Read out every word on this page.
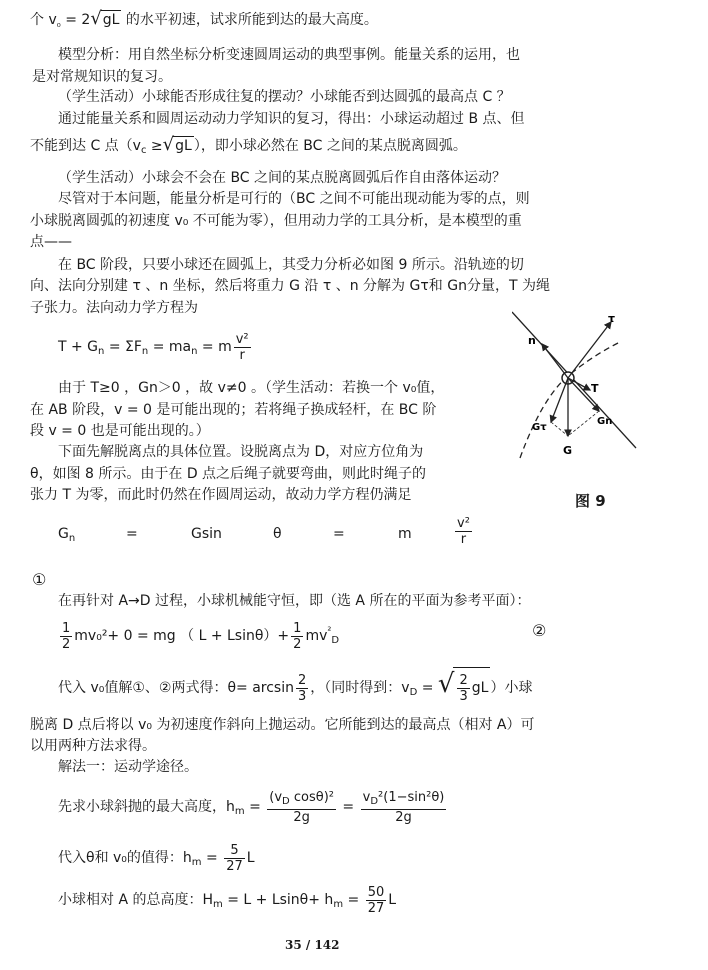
个 $v_{_0} = 2√gL$ 的水平初速，试求所能到达的最大高度。
模型分析：用自然坐标分析变速圆周运动的典型事例。能量关系的运用，也
是对常规知识的复习。
（学生活动）小球能否形成往复的摆动？小球能否到达圆弧的最高点 C ？
通过能量关系和圆周运动动力学知识的复习，得出：小球运动超过 B 点、但
不能到达 C 点（$v_c \ge√gL$ ），即小球必然在 BC 之间的某点脱离圆弧。
（学生活动）小球会不会在 BC 之间的某点脱离圆弧后作自由落体运动？
尽管对于本问题，能量分析是可行的（BC 之间不可能出现动能为零的点，则
小球脱离圆弧的初速度 v₀ 不可能为零），但用动力学的工具分析，是本模型的重
点——
在 BC 阶段，只要小球还在圆弧上，其受力分析必如图 9 所示。沿轨迹的切
向、法向分别建 τ 、n 坐标，然后将重力 G 沿 τ 、n 分解为 Gτ和 Gn分量，T 为绳
子张力。法向动力学方程为
$T + G_n = \Sigma F_n = ma_n = m \frac{\text{v²}}{r}$
由于 T≥0 ，Gn＞0 ，故 v≠0 。（学生活动：若换一个 v₀值，
在 AB 阶段，v = 0 是可能出现的；若将绳子换成轻杆，在 BC 阶
段 v = 0 也是可能出现的。）
下面先解脱离点的具体位置。设脱离点为 D，对应方位角为
θ，如图 8 所示。由于在 D 点之后绳子就要弯曲，则此时绳子的
张力 T 为零，而此时仍然在作圆周运动，故动力学方程仍满足
n
τ
T
Gτ
Gn
G
图 9
$G_n$	=	Gsin	θ	=	m	$\frac{\text{v²}}{r}$
①
在再针对 A→D 过程，小球机械能守恒，即（选 A 所在的平面为参考平面）：
$\frac{1}{2} mv_0^2+ 0$ = mg （ $L + Lsin\theta)+ \frac{1}{2} mv^{^2}_D$
②
代入 v₀值解①、②两式得：$\theta= \arcsin \frac{2}{3}$ ，（同时得到：$v_D$ = √ $\frac{2}{3}$ gL ）小球
脱离 D 点后将以 v₀ 为初速度作斜向上抛运动。它所能到达的最高点（相对 A）可
以用两种方法求得。
解法一：运动学途径。
先求小球斜抛的最大高度，$h_m = \frac{(v_D \cos\theta)^2}{2g} = \frac{v_D^2(1-\sin^2\theta)}{2g}$
代入θ和 v₀的值得：$h_m = \frac{5}{27}$ L
小球相对 A 的总高度：$H_m = L + Lsin\theta+ h_m = \frac{50}{27}$ L
35 / 142
